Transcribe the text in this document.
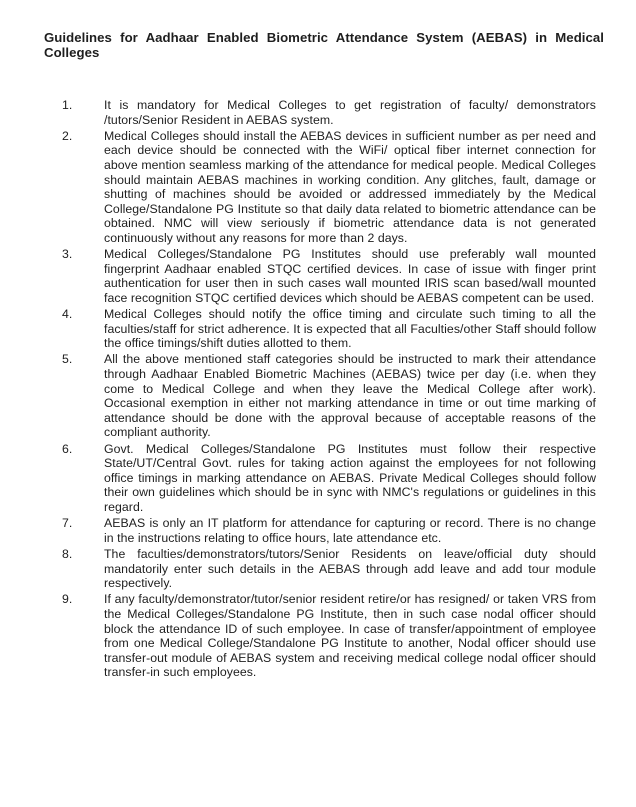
Guidelines for Aadhaar Enabled Biometric Attendance System (AEBAS) in Medical Colleges
1.	It is mandatory for Medical Colleges to get registration of faculty/ demonstrators /tutors/Senior Resident in AEBAS system.
2.	Medical Colleges should install the AEBAS devices in sufficient number as per need and each device should be connected with the WiFi/ optical fiber internet connection for above mention seamless marking of the attendance for medical people. Medical Colleges should maintain AEBAS machines in working condition. Any glitches, fault, damage or shutting of machines should be avoided or addressed immediately by the Medical College/Standalone PG Institute so that daily data related to biometric attendance can be obtained. NMC will view seriously if biometric attendance data is not generated continuously without any reasons for more than 2 days.
3.	Medical Colleges/Standalone PG Institutes should use preferably wall mounted fingerprint Aadhaar enabled STQC certified devices. In case of issue with finger print authentication for user then in such cases wall mounted IRIS scan based/wall mounted face recognition STQC certified devices which should be AEBAS competent can be used.
4.	Medical Colleges should notify the office timing and circulate such timing to all the faculties/staff for strict adherence. It is expected that all Faculties/other Staff should follow the office timings/shift duties allotted to them.
5.	All the above mentioned staff categories should be instructed to mark their attendance through Aadhaar Enabled Biometric Machines (AEBAS) twice per day (i.e. when they come to Medical College and when they leave the Medical College after work). Occasional exemption in either not marking attendance in time or out time marking of attendance should be done with the approval because of acceptable reasons of the compliant authority.
6.	Govt. Medical Colleges/Standalone PG Institutes must follow their respective State/UT/Central Govt. rules for taking action against the employees for not following office timings in marking attendance on AEBAS. Private Medical Colleges should follow their own guidelines which should be in sync with NMC's regulations or guidelines in this regard.
7.	AEBAS is only an IT platform for attendance for capturing or record. There is no change in the instructions relating to office hours, late attendance etc.
8.	The faculties/demonstrators/tutors/Senior Residents on leave/official duty should mandatorily enter such details in the AEBAS through add leave and add tour module respectively.
9.	If any faculty/demonstrator/tutor/senior resident retire/or has resigned/ or taken VRS from the Medical Colleges/Standalone PG Institute, then in such case nodal officer should block the attendance ID of such employee. In case of transfer/appointment of employee from one Medical College/Standalone PG Institute to another, Nodal officer should use transfer-out module of AEBAS system and receiving medical college nodal officer should transfer-in such employees.
